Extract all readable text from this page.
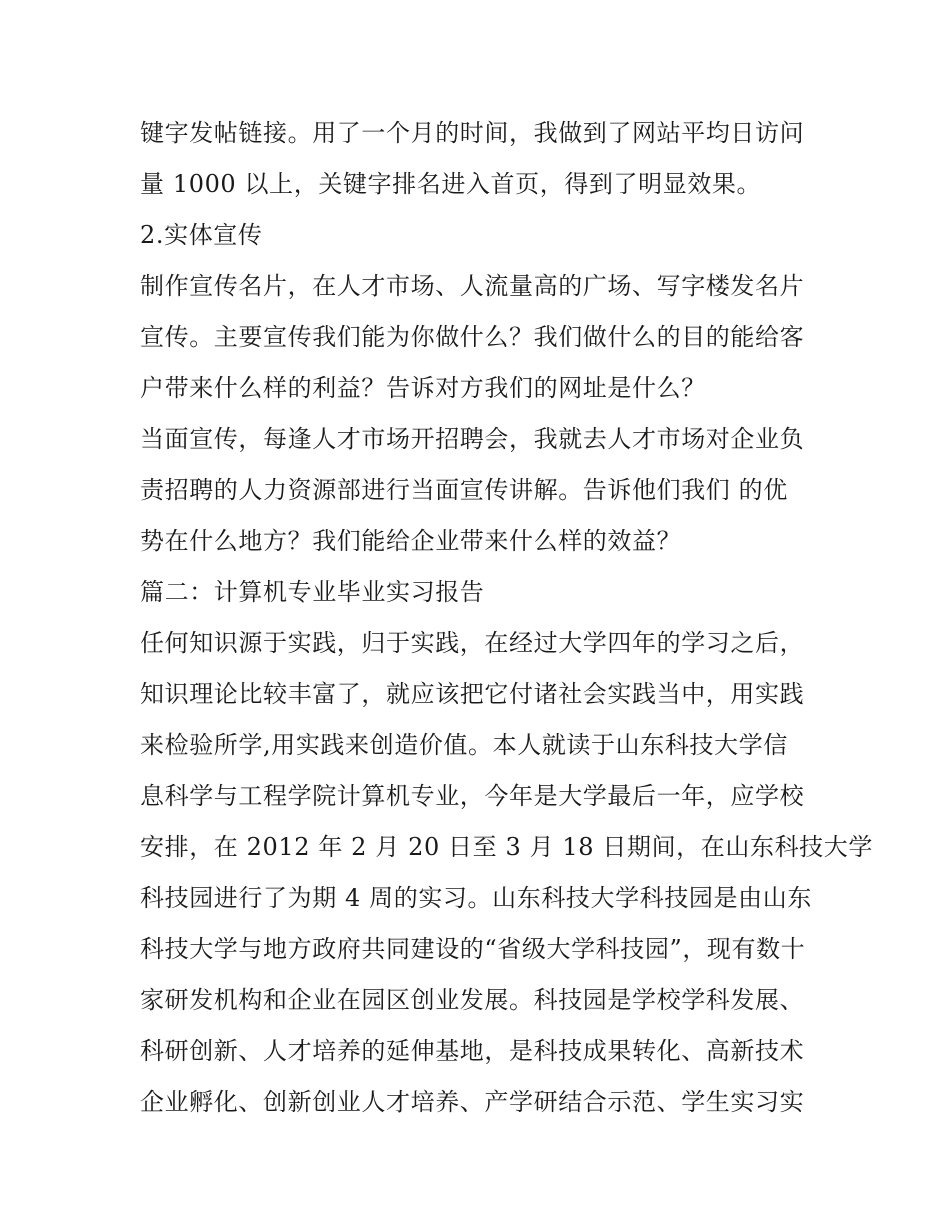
键字发帖链接。用了一个月的时间，我做到了网站平均日访问
量 1000 以上，关键字排名进入首页，得到了明显效果。
2.实体宣传
制作宣传名片，在人才市场、人流量高的广场、写字楼发名片
宣传。主要宣传我们能为你做什么？我们做什么的目的能给客
户带来什么样的利益？告诉对方我们的网址是什么？
当面宣传，每逢人才市场开招聘会，我就去人才市场对企业负
责招聘的人力资源部进行当面宣传讲解。告诉他们我们 的优
势在什么地方？我们能给企业带来什么样的效益？
篇二：计算机专业毕业实习报告
任何知识源于实践，归于实践，在经过大学四年的学习之后，
知识理论比较丰富了，就应该把它付诸社会实践当中，用实践
来检验所学,用实践来创造价值。本人就读于山东科技大学信
息科学与工程学院计算机专业，今年是大学最后一年，应学校
安排，在 2012 年 2 月 20 日至 3 月 18 日期间，在山东科技大学
科技园进行了为期 4 周的实习。山东科技大学科技园是由山东
科技大学与地方政府共同建设的“省级大学科技园”，现有数十
家研发机构和企业在园区创业发展。科技园是学校学科发展、
科研创新、人才培养的延伸基地，是科技成果转化、高新技术
企业孵化、创新创业人才培养、产学研结合示范、学生实习实
